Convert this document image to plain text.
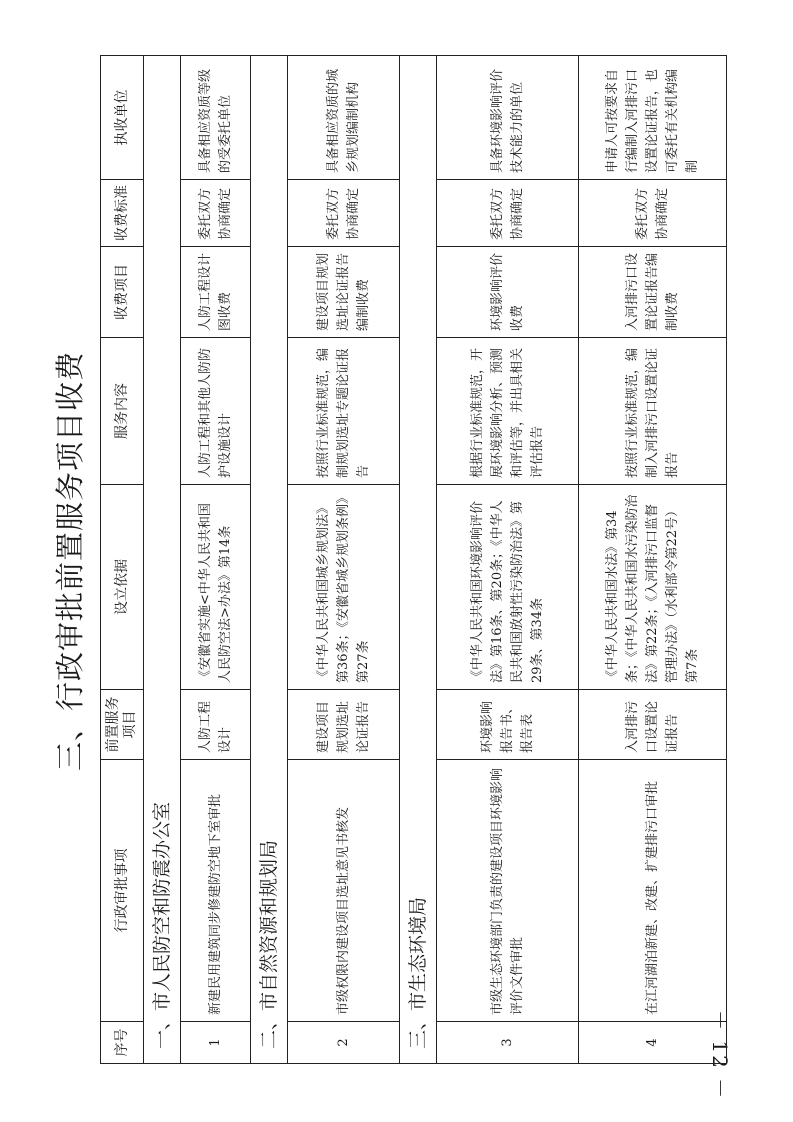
－ 12 －
三、行政审批前置服务项目收费
序号	行政审批事项	前置服务项目	设立依据	服务内容	收费项目	收费标准	执收单位
一、市人民防空和防震办公室							
1	新建民用建筑同步修建防空地下室审批	人防工程设计	《安徽省实施<中华人民共和国人民防空法>办法》第14条	人防工程和其他人防防护设施设计	人防工程设计图收费	委托双方协商确定	具备相应资质等级的受委托单位
二、市自然资源和规划局							
2	市级权限内建设项目选址意见书核发	建设项目规划选址论证报告	《中华人民共和国城乡规划法》第36条；《安徽省城乡规划条例》第27条	按照行业标准规范，编制规划选址专题论证报告	建设项目规划选址论证报告编制收费	委托双方协商确定	具备相应资质的城乡规划编制机构
三、市生态环境局							
3	市级生态环境部门负责的建设项目环境影响评价文件审批	环境影响报告书、报告表	《中华人民共和国环境影响评价法》第16条、第20条；《中华人民共和国放射性污染防治法》第29条、第34条	根据行业标准规范，开展环境影响分析、预测和评估等，并出具相关评估报告	环境影响评价收费	委托双方协商确定	具备环境影响评价技术能力的单位
4	在江河湖泊新建、改建、扩建排污口审批	入河排污口设置论证报告	《中华人民共和国水法》第34条；《中华人民共和国水污染防治法》第22条；《入河排污口监督管理办法》（水利部令第22号）第7条	按照行业标准规范，编制入河排污口设置论证报告	入河排污口设置论证报告编制收费	委托双方协商确定	申请人可按要求自行编制入河排污口设置论证报告，也可委托有关机构编制
